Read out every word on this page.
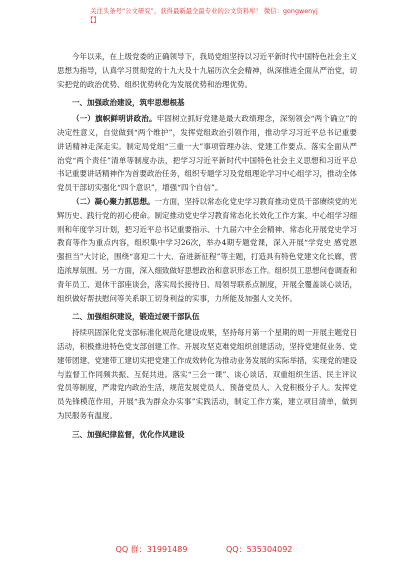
关注头条号“公文研究”，获得最新最全最专业的公文资料库！ 微信：gongwenyj
【】

今年以来，在上级党委的正确领导下，我局党组坚持以习近平新时代中国特色社会主义思想为指导，认真学习贯彻党的十九大及十九届历次全会精神，纵深推进全面从严治党，切实把党的政治优势、组织优势转化为发展优势和治理优势。

一、加强政治建设，筑牢思想根基

（一）旗帜鲜明讲政治。牢固树立抓好党建是最大政绩理念，深刻领会“两个确立”的决定性意义，自觉做到“两个维护”，发挥党组政治引领作用，推动学习习近平总书记重要讲话精神走深走实。制定局党组“三重一大”事项管理办法、党建工作要点、落实全面从严治党“两个责任”清单等制度办法，把学习习近平新时代中国特色社会主义思想和习近平总书记重要讲话精神作为首要政治任务，组织专题学习及党组理论学习中心组学习，推动全体党员干部切实强化“四个意识”，增强“四个自信”。

（二）凝心聚力抓思想。一方面，坚持以常态化党史学习教育推动党员干部赓续党的光辉历史、践行党的初心使命。制定推动党史学习教育常态化长效化工作方案、中心组学习细则和年度学习计划，把习近平总书记重要指示、十九届六中全会精神、常态化开展党史学习教育等作为重点内容，组织集中学习26次，举办4期专题党课，深入开展“学党史 感党恩 强担当”大讨论，围绕“喜迎二十大、奋进新征程”等主题，打造具有特色党建文化长廊，营造浓厚氛围。另一方面，深入细致做好思想政治和意识形态工作。组织员工思想问卷调查和青年员工、退休干部座谈会，落实局长接待日、局领导联系点制度，开展全覆盖谈心谈话，组织做好帮扶慰问等关系职工切身利益的实事，力所能及加强人文关怀。

二、加强组织建设，锻造过硬干部队伍

持续巩固深化党支部标准化规范化建设成果，坚持每月第一个星期的周一开展主题党日活动，积极推进特色党支部创建工作。开展攻坚克难党组织创建活动，坚持党建促业务、党建带团建、党建带工建切实把党建工作成效转化为推动业务发展的实际举措，实现党的建设与监督工作同频共振、互促共进。落实“三会一课”、谈心谈话、双重组织生活、民主评议党员等制度，严肃党内政治生活，规范发展党员人、预备党员人、入党积极分子人。发挥党员先锋模范作用，开展“我为群众办实事”实践活动，制定工作方案，建立项目清单，做到为民服务有温度。

三、加强纪律监督，优化作风建设

QQ 群：31991489	QQ：535304092
